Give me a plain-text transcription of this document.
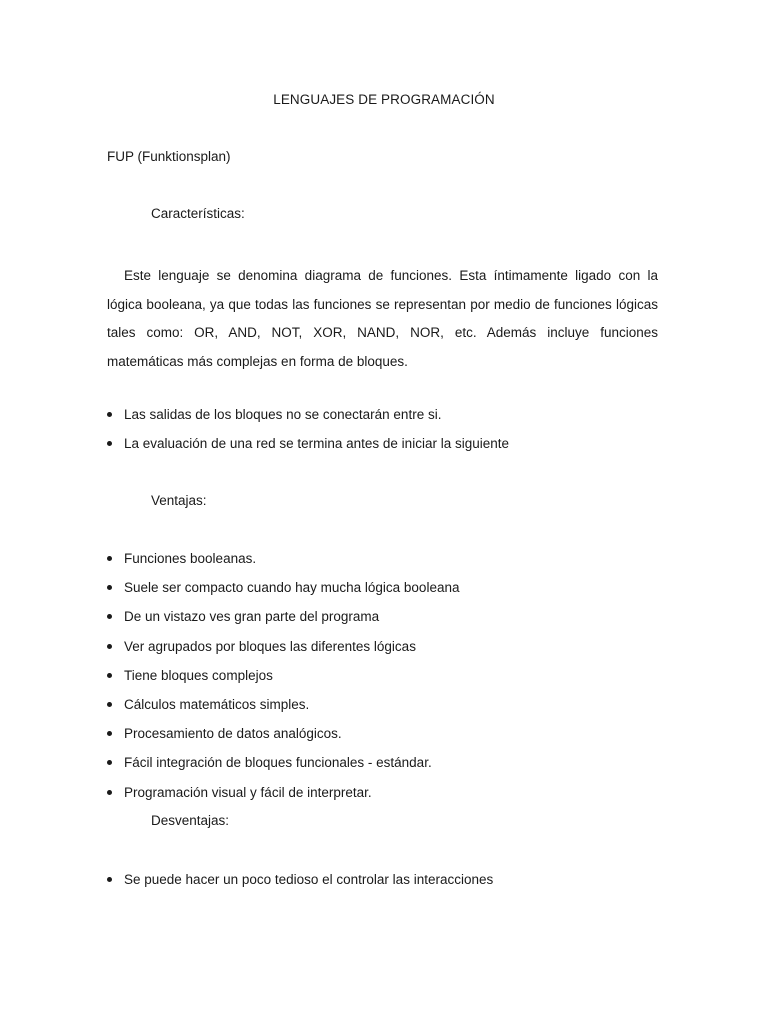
LENGUAJES DE PROGRAMACIÓN
FUP (Funktionsplan)
Características:

Este lenguaje se denomina diagrama de funciones. Esta íntimamente ligado con la lógica booleana, ya que todas las funciones se representan por medio de funciones lógicas tales como: OR, AND, NOT, XOR, NAND, NOR, etc. Además incluye funciones matemáticas más complejas en forma de bloques.

Las salidas de los bloques no se conectarán entre si.
La evaluación de una red se termina antes de iniciar la siguiente
Ventajas:
Funciones booleanas.
Suele ser compacto cuando hay mucha lógica booleana
De un vistazo ves gran parte del programa
Ver agrupados por bloques las diferentes lógicas
Tiene bloques complejos
Cálculos matemáticos simples.
Procesamiento de datos analógicos.
Fácil integración de bloques funcionales - estándar.
Programación visual y fácil de interpretar.
Desventajas:
Se puede hacer un poco tedioso el controlar las interacciones
